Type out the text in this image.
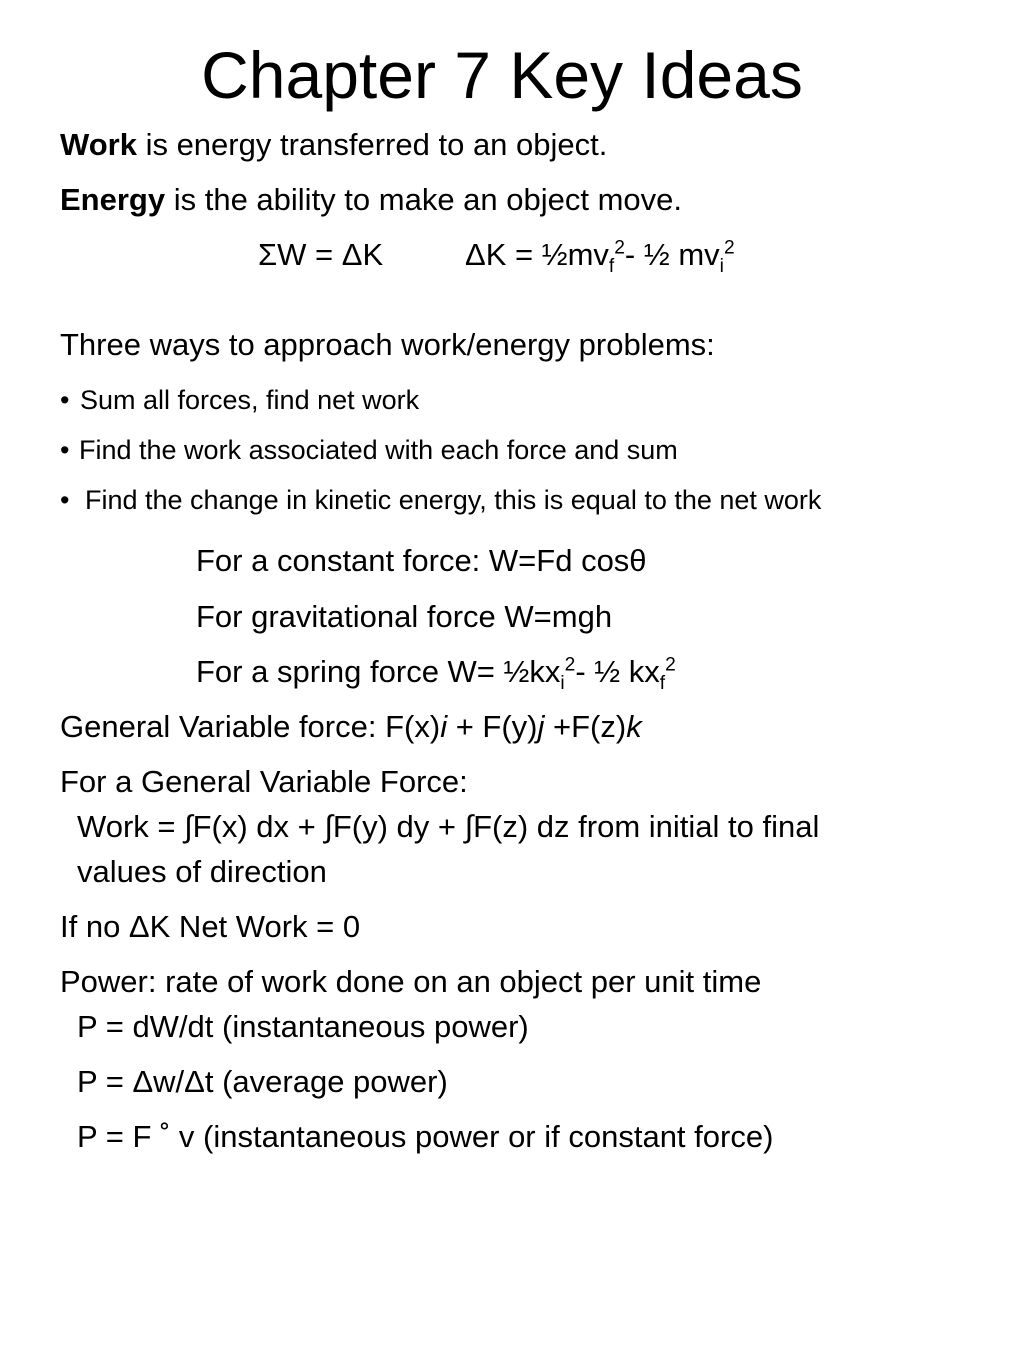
Chapter 7 Key Ideas
Work is energy transferred to an object.
Energy is the ability to make an object move.
ΣW = ΔK	$\Delta K = \frac{1}{2}mv_f^2-$ ½ $mv_i^2$
Three ways to approach work/energy problems:
• Sum all forces, find net work
• Find the work associated with each force and sum
• Find the change in kinetic energy, this is equal to the net work
For a constant force: W=Fd cosθ
For gravitational force W=mgh
For a spring force $W= \frac{1}{2}kx_i^2-$ ½ $kx_f^2$
General Variable force: F(x)i + F(y)j +F(z)k
For a General Variable Force:
Work = ∫F(x) dx + ∫F(y) dy + ∫F(z) dz from initial to final
values of direction
If no ΔK Net Work = 0
Power: rate of work done on an object per unit time
P = dW/dt (instantaneous power)
P = Δw/Δt (average power)
P = F ˚ v (instantaneous power or if constant force)
